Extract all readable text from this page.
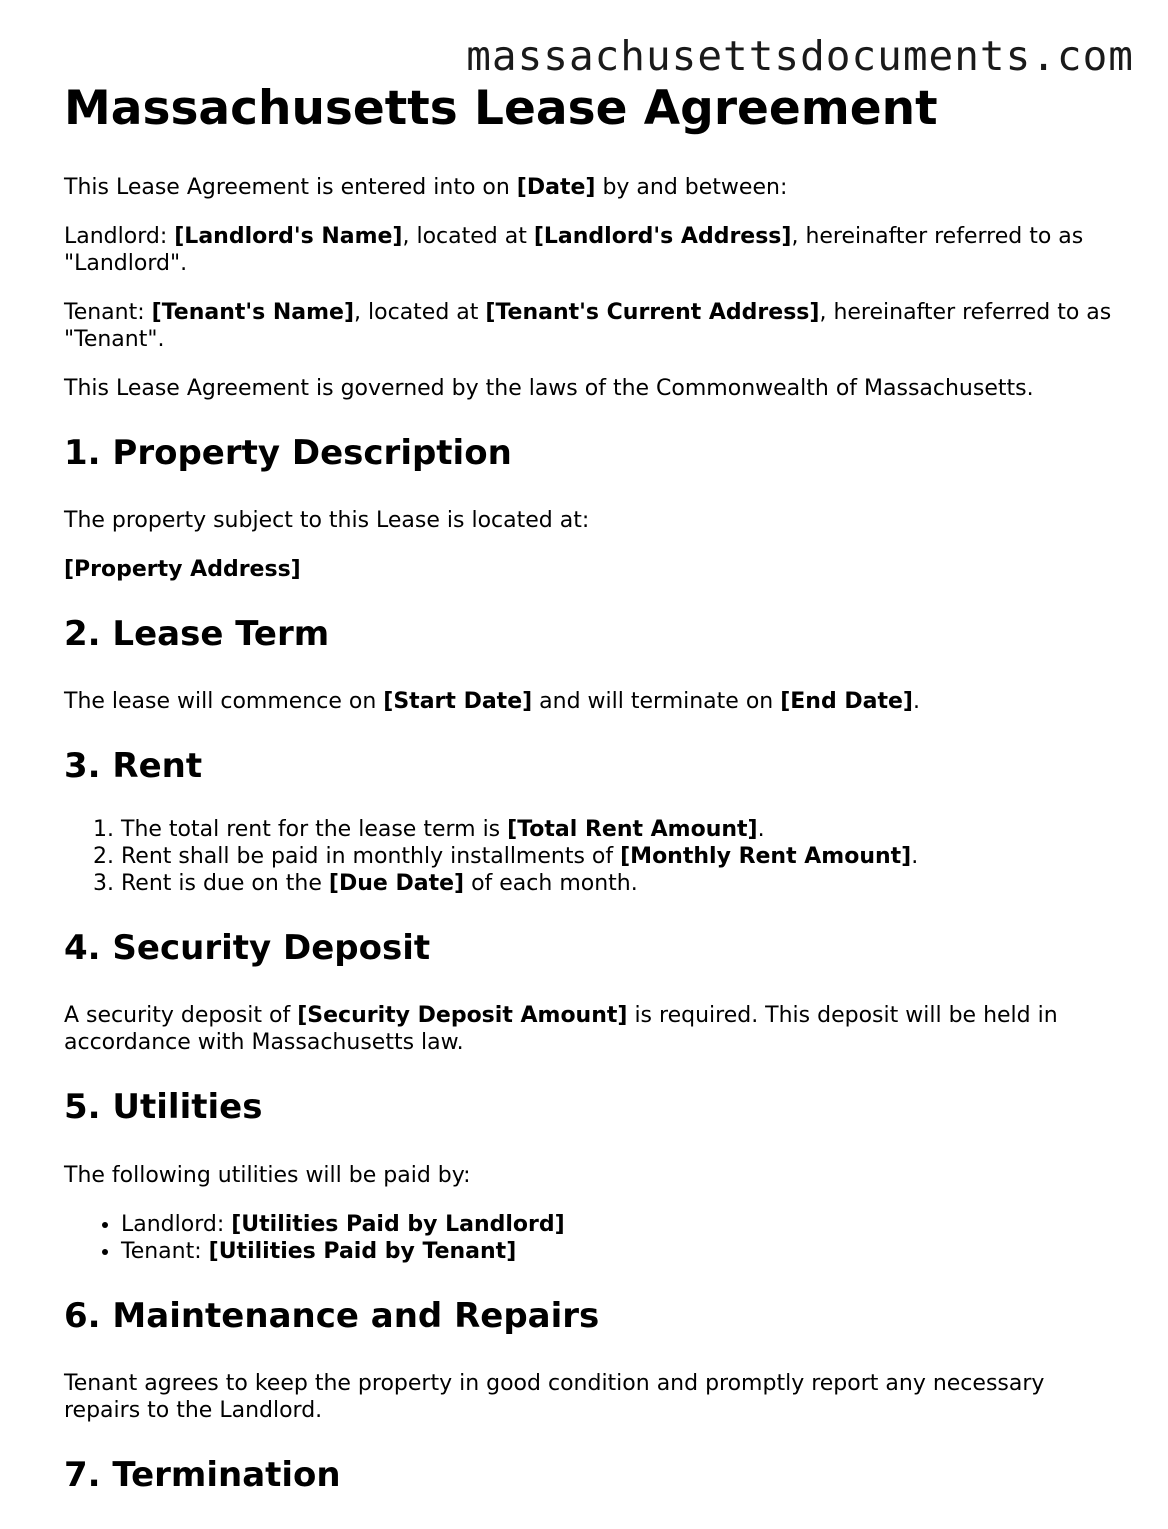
massachusettsdocuments.com
Massachusetts Lease Agreement

This Lease Agreement is entered into on [Date] by and between:

Landlord: [Landlord's Name], located at [Landlord's Address], hereinafter referred to as "Landlord".

Tenant: [Tenant's Name], located at [Tenant's Current Address], hereinafter referred to as "Tenant".

This Lease Agreement is governed by the laws of the Commonwealth of Massachusetts.

1. Property Description

The property subject to this Lease is located at:

[Property Address]

2. Lease Term

The lease will commence on [Start Date] and will terminate on [End Date].

3. Rent
1. The total rent for the lease term is [Total Rent Amount].
2. Rent shall be paid in monthly installments of [Monthly Rent Amount].
3. Rent is due on the [Due Date] of each month.
4. Security Deposit

A security deposit of [Security Deposit Amount] is required. This deposit will be held in accordance with Massachusetts law.

5. Utilities

The following utilities will be paid by:

• Landlord: [Utilities Paid by Landlord]
• Tenant: [Utilities Paid by Tenant]
6. Maintenance and Repairs

Tenant agrees to keep the property in good condition and promptly report any necessary repairs to the Landlord.

7. Termination
